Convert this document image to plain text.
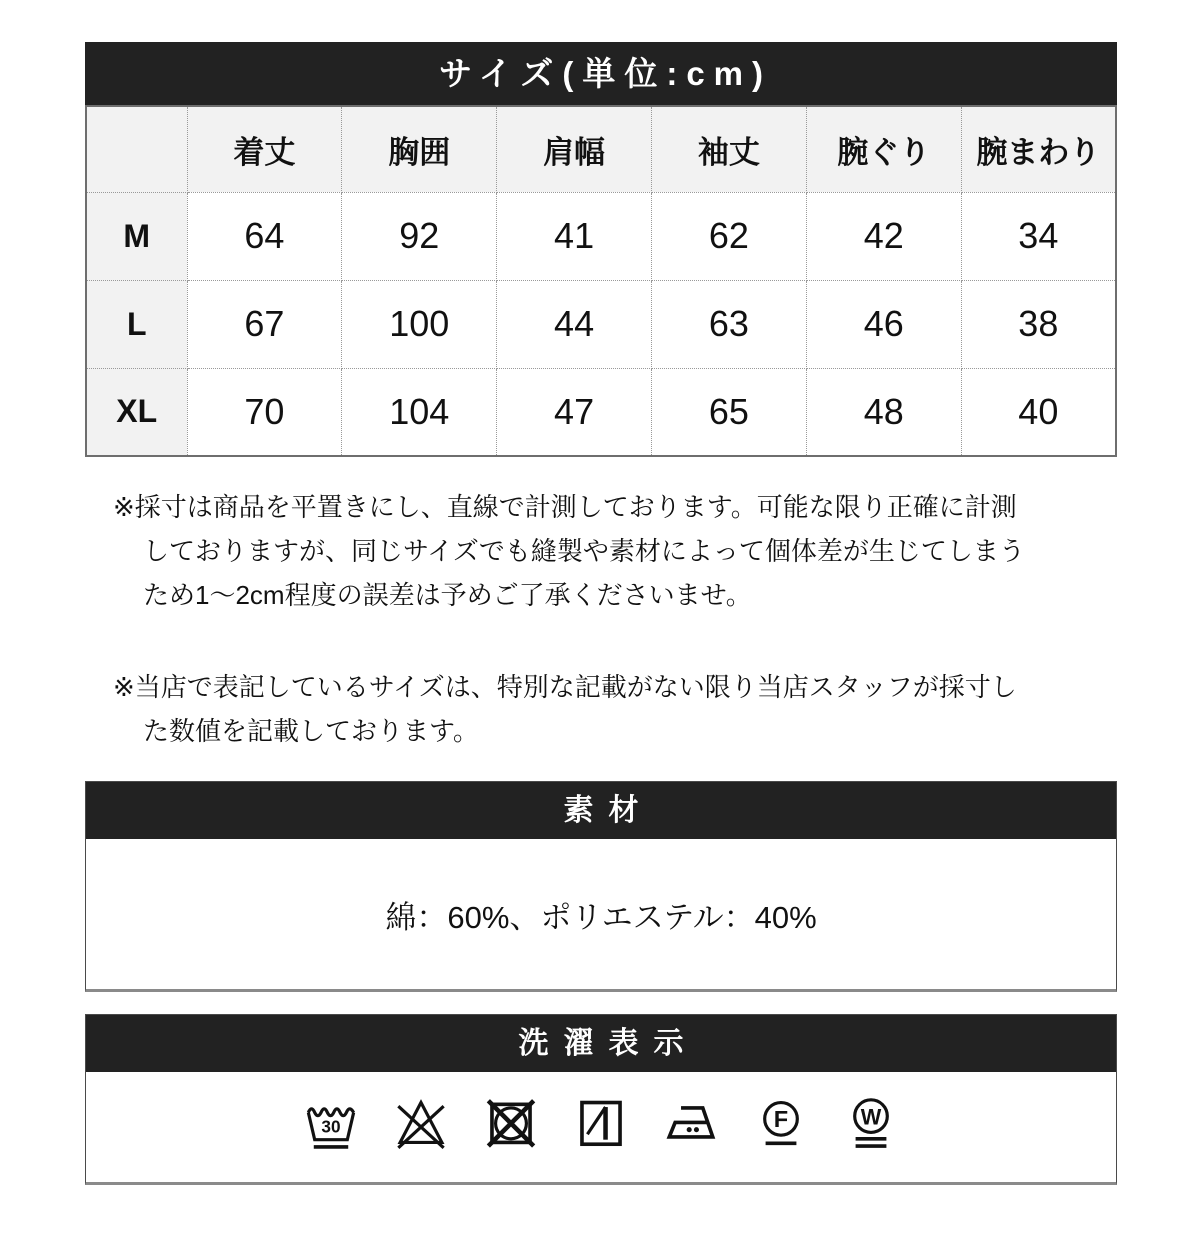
サイズ(単位:cm)
	着丈	胸囲	肩幅	袖丈	腕ぐり	腕まわり
M	64	92	41	62	42	34
L	67	100	44	63	46	38
XL	70	104	47	65	48	40

※採寸は商品を平置きにし、直線で計測しております。可能な限り正確に計測しておりますが、同じサイズでも縫製や素材によって個体差が生じてしまうため1〜2cm程度の誤差は予めご了承くださいませ。

※当店で表記しているサイズは、特別な記載がない限り当店スタッフが採寸した数値を記載しております。

素材
綿：60%、ポリエステル：40%
洗濯表示
30	F	W
